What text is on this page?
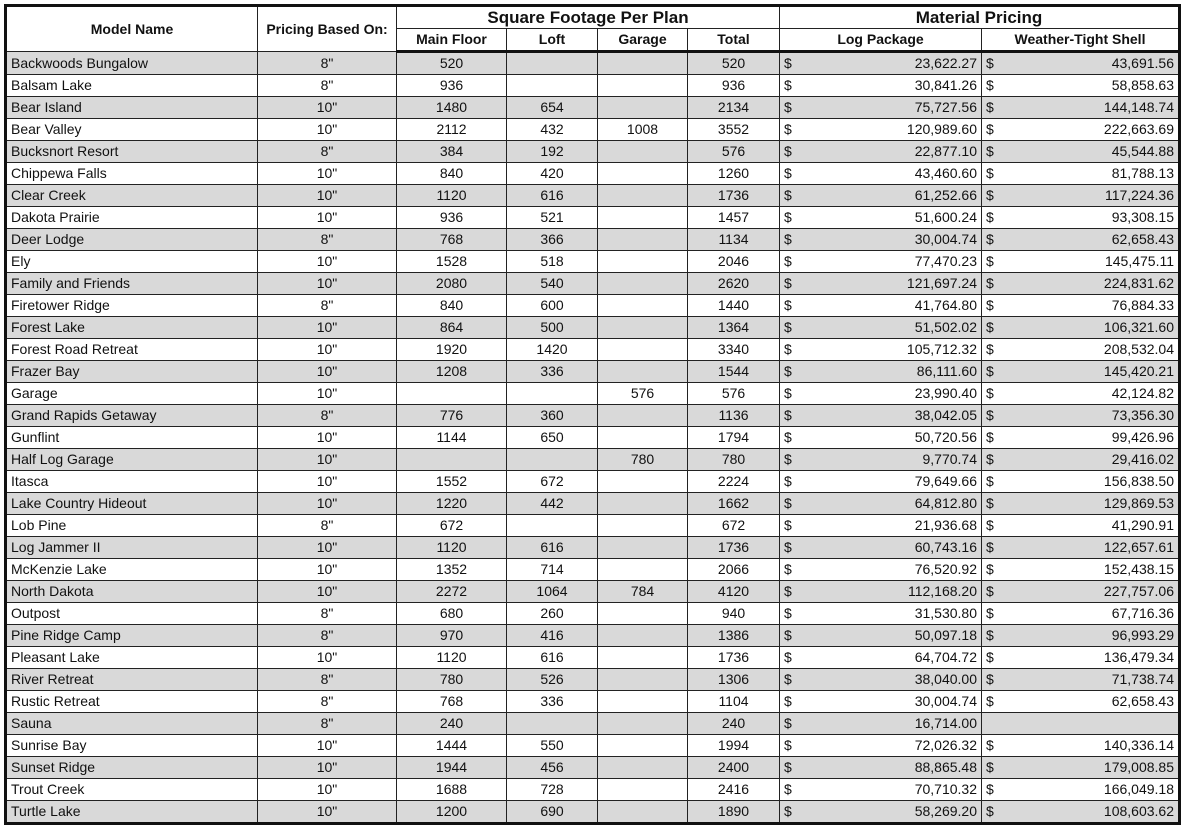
Model Name	Pricing Based On:	Square Footage Per Plan				Material Pricing	
		Main Floor	Loft	Garage	Total	Log Package	Weather-Tight Shell
Backwoods Bungalow	8"	520			520	$ 23,622.27	$ 43,691.56

Balsam Lake	8"	936			936	$ 30,841.26	$ 58,858.63

Bear Island	10"	1480	654		2134	$ 75,727.56	$ 144,148.74

Bear Valley	10"	2112	432	1008	3552	$ 120,989.60	$ 222,663.69

Bucksnort Resort	8"	384	192		576	$ 22,877.10	$ 45,544.88

Chippewa Falls	10"	840	420		1260	$ 43,460.60	$ 81,788.13

Clear Creek	10"	1120	616		1736	$ 61,252.66	$ 117,224.36

Dakota Prairie	10"	936	521		1457	$ 51,600.24	$ 93,308.15

Deer Lodge	8"	768	366		1134	$ 30,004.74	$ 62,658.43

Ely	10"	1528	518		2046	$ 77,470.23	$ 145,475.11

Family and Friends	10"	2080	540		2620	$ 121,697.24	$ 224,831.62

Firetower Ridge	8"	840	600		1440	$ 41,764.80	$ 76,884.33

Forest Lake	10"	864	500		1364	$ 51,502.02	$ 106,321.60

Forest Road Retreat	10"	1920	1420		3340	$ 105,712.32	$ 208,532.04

Frazer Bay	10"	1208	336		1544	$ 86,111.60	$ 145,420.21

Garage	10"			576	576	$ 23,990.40	$ 42,124.82

Grand Rapids Getaway	8"	776	360		1136	$ 38,042.05	$ 73,356.30

Gunflint	10"	1144	650		1794	$ 50,720.56	$ 99,426.96

Half Log Garage	10"			780	780	$ 9,770.74	$ 29,416.02

Itasca	10"	1552	672		2224	$ 79,649.66	$ 156,838.50

Lake Country Hideout	10"	1220	442		1662	$ 64,812.80	$ 129,869.53

Lob Pine	8"	672			672	$ 21,936.68	$ 41,290.91

Log Jammer II	10"	1120	616		1736	$ 60,743.16	$ 122,657.61

McKenzie Lake	10"	1352	714		2066	$ 76,520.92	$ 152,438.15

North Dakota	10"	2272	1064	784	4120	$ 112,168.20	$ 227,757.06

Outpost	8"	680	260		940	$ 31,530.80	$ 67,716.36

Pine Ridge Camp	8"	970	416		1386	$ 50,097.18	$ 96,993.29

Pleasant Lake	10"	1120	616		1736	$ 64,704.72	$ 136,479.34

River Retreat	8"	780	526		1306	$ 38,040.00	$ 71,738.74

Rustic Retreat	8"	768	336		1104	$ 30,004.74	$ 62,658.43

Sauna	8"	240			240	$ 16,714.00	

Sunrise Bay	10"	1444	550		1994	$ 72,026.32	$ 140,336.14

Sunset Ridge	10"	1944	456		2400	$ 88,865.48	$ 179,008.85

Trout Creek	10"	1688	728		2416	$ 70,710.32	$ 166,049.18

Turtle Lake	10"	1200	690		1890	$ 58,269.20	$ 108,603.62
